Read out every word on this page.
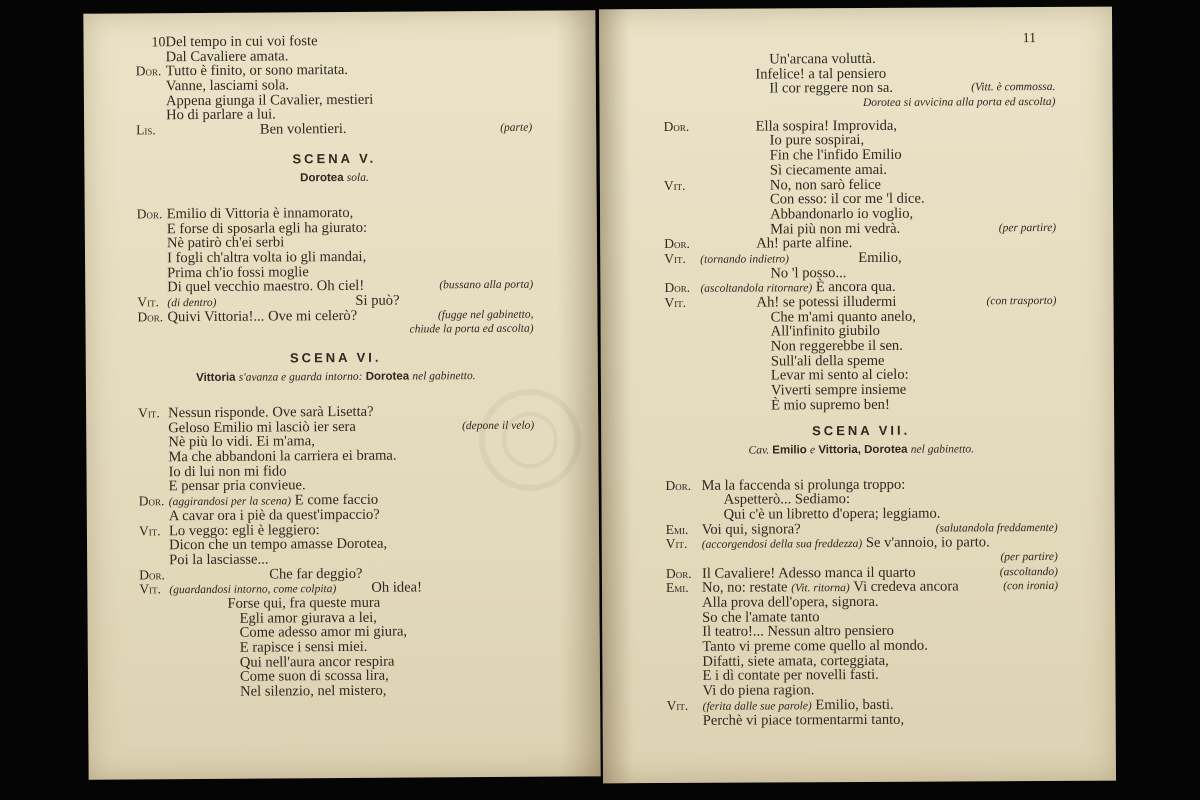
10 Del tempo in cui voi foste
Dal Cavaliere amata.
Dor. Tutto è finito, or sono maritata.
Vanne, lasciami sola.
Appena giunga il Cavalier, mestieri
Ho di parlare a lui.
Lis.	Ben volentieri.	(parte)
SCENA V.
Dorotea sola.
Dor. Emilio di Vittoria è innamorato,
E forse di sposarla egli ha giurato:
Nè patirò ch'ei serbi
I fogli ch'altra volta io gli mandai,
Prima ch'io fossi moglie
Di quel vecchio maestro. Oh ciel!	(bussano alla porta)
Vit. (di dentro)	Si può?
Dor. Quivi Vittoria!... Ove mi celerò?	(fugge nel gabinetto,
chiude la porta ed ascolta)
SCENA VI.
Vittoria s'avanza e guarda intorno: Dorotea nel gabinetto.
Vit. Nessun risponde. Ove sarà Lisetta?
Geloso Emilio mi lasciò ier sera	(depone il velo)
Nè più lo vidi. Ei m'ama,
Ma che abbandoni la carriera ei brama.
Io di lui non mi fido
E pensar pria convieue.
Dor. (aggirandosi per la scena) E come faccio
A cavar ora i piè da quest'impaccio?
Vit. Lo veggo: egli è leggiero:
Dicon che un tempo amasse Dorotea,
Poi la lasciasse...
Dor.	Che far deggio?
Vit. (guardandosi intorno, come colpita) Oh idea!
Forse qui, fra queste mura
Egli amor giurava a lei,
Come adesso amor mi giura,
E rapisce i sensi miei.
Qui nell'aura ancor respira
Come suon di scossa lira,
Nel silenzio, nel mistero,
11
Un'arcana voluttà.
Infelice! a tal pensiero
Il cor reggere non sa.	(Vitt. è commossa.
Dorotea si avvicina alla porta ed ascolta)
Dor.	Ella sospira! Improvida,
Io pure sospirai,
Fin che l'infido Emilio
Sì ciecamente amai.
Vit.	No, non sarò felice
Con esso: il cor me 'l dice.
Abbandonarlo io voglio,
Mai più non mi vedrà.	(per partire)
Dor.	Ah! parte alfine.
Vit. (tornando indietro)	Emilio,
No 'l posso...
Dor. (ascoltandola ritornare) È ancora qua.
Vit.	Ah! se potessi illudermi	(con trasporto)
Che m'ami quanto anelo,
All'infinito giubilo
Non reggerebbe il sen.
Sull'ali della speme
Levar mi sento al cielo:
Viverti sempre insieme
È mio supremo ben!
SCENA VII.
Cav. Emilio e Vittoria, Dorotea nel gabinetto.
Dor. Ma la faccenda si prolunga troppo:
Aspetterò... Sediamo:
Qui c'è un libretto d'opera; leggiamo.
Emi. Voi qui, signora?	(salutandola freddamente)
Vit. (accorgendosi della sua freddezza) Se v'annoio, io parto.
(per partire)
Dor. Il Cavaliere! Adesso manca il quarto	(ascoltando)
Emi. No, no: restate (Vit. ritorna) Vi credeva ancora	(con ironia)
Alla prova dell'opera, signora.
So che l'amate tanto
Il teatro!... Nessun altro pensiero
Tanto vi preme come quello al mondo.
Difatti, siete amata, corteggiata,
E i dì contate per novelli fasti.
Vi do piena ragion.
Vit. (ferita dalle sue parole) Emilio, basti.
Perchè vi piace tormentarmi tanto,
